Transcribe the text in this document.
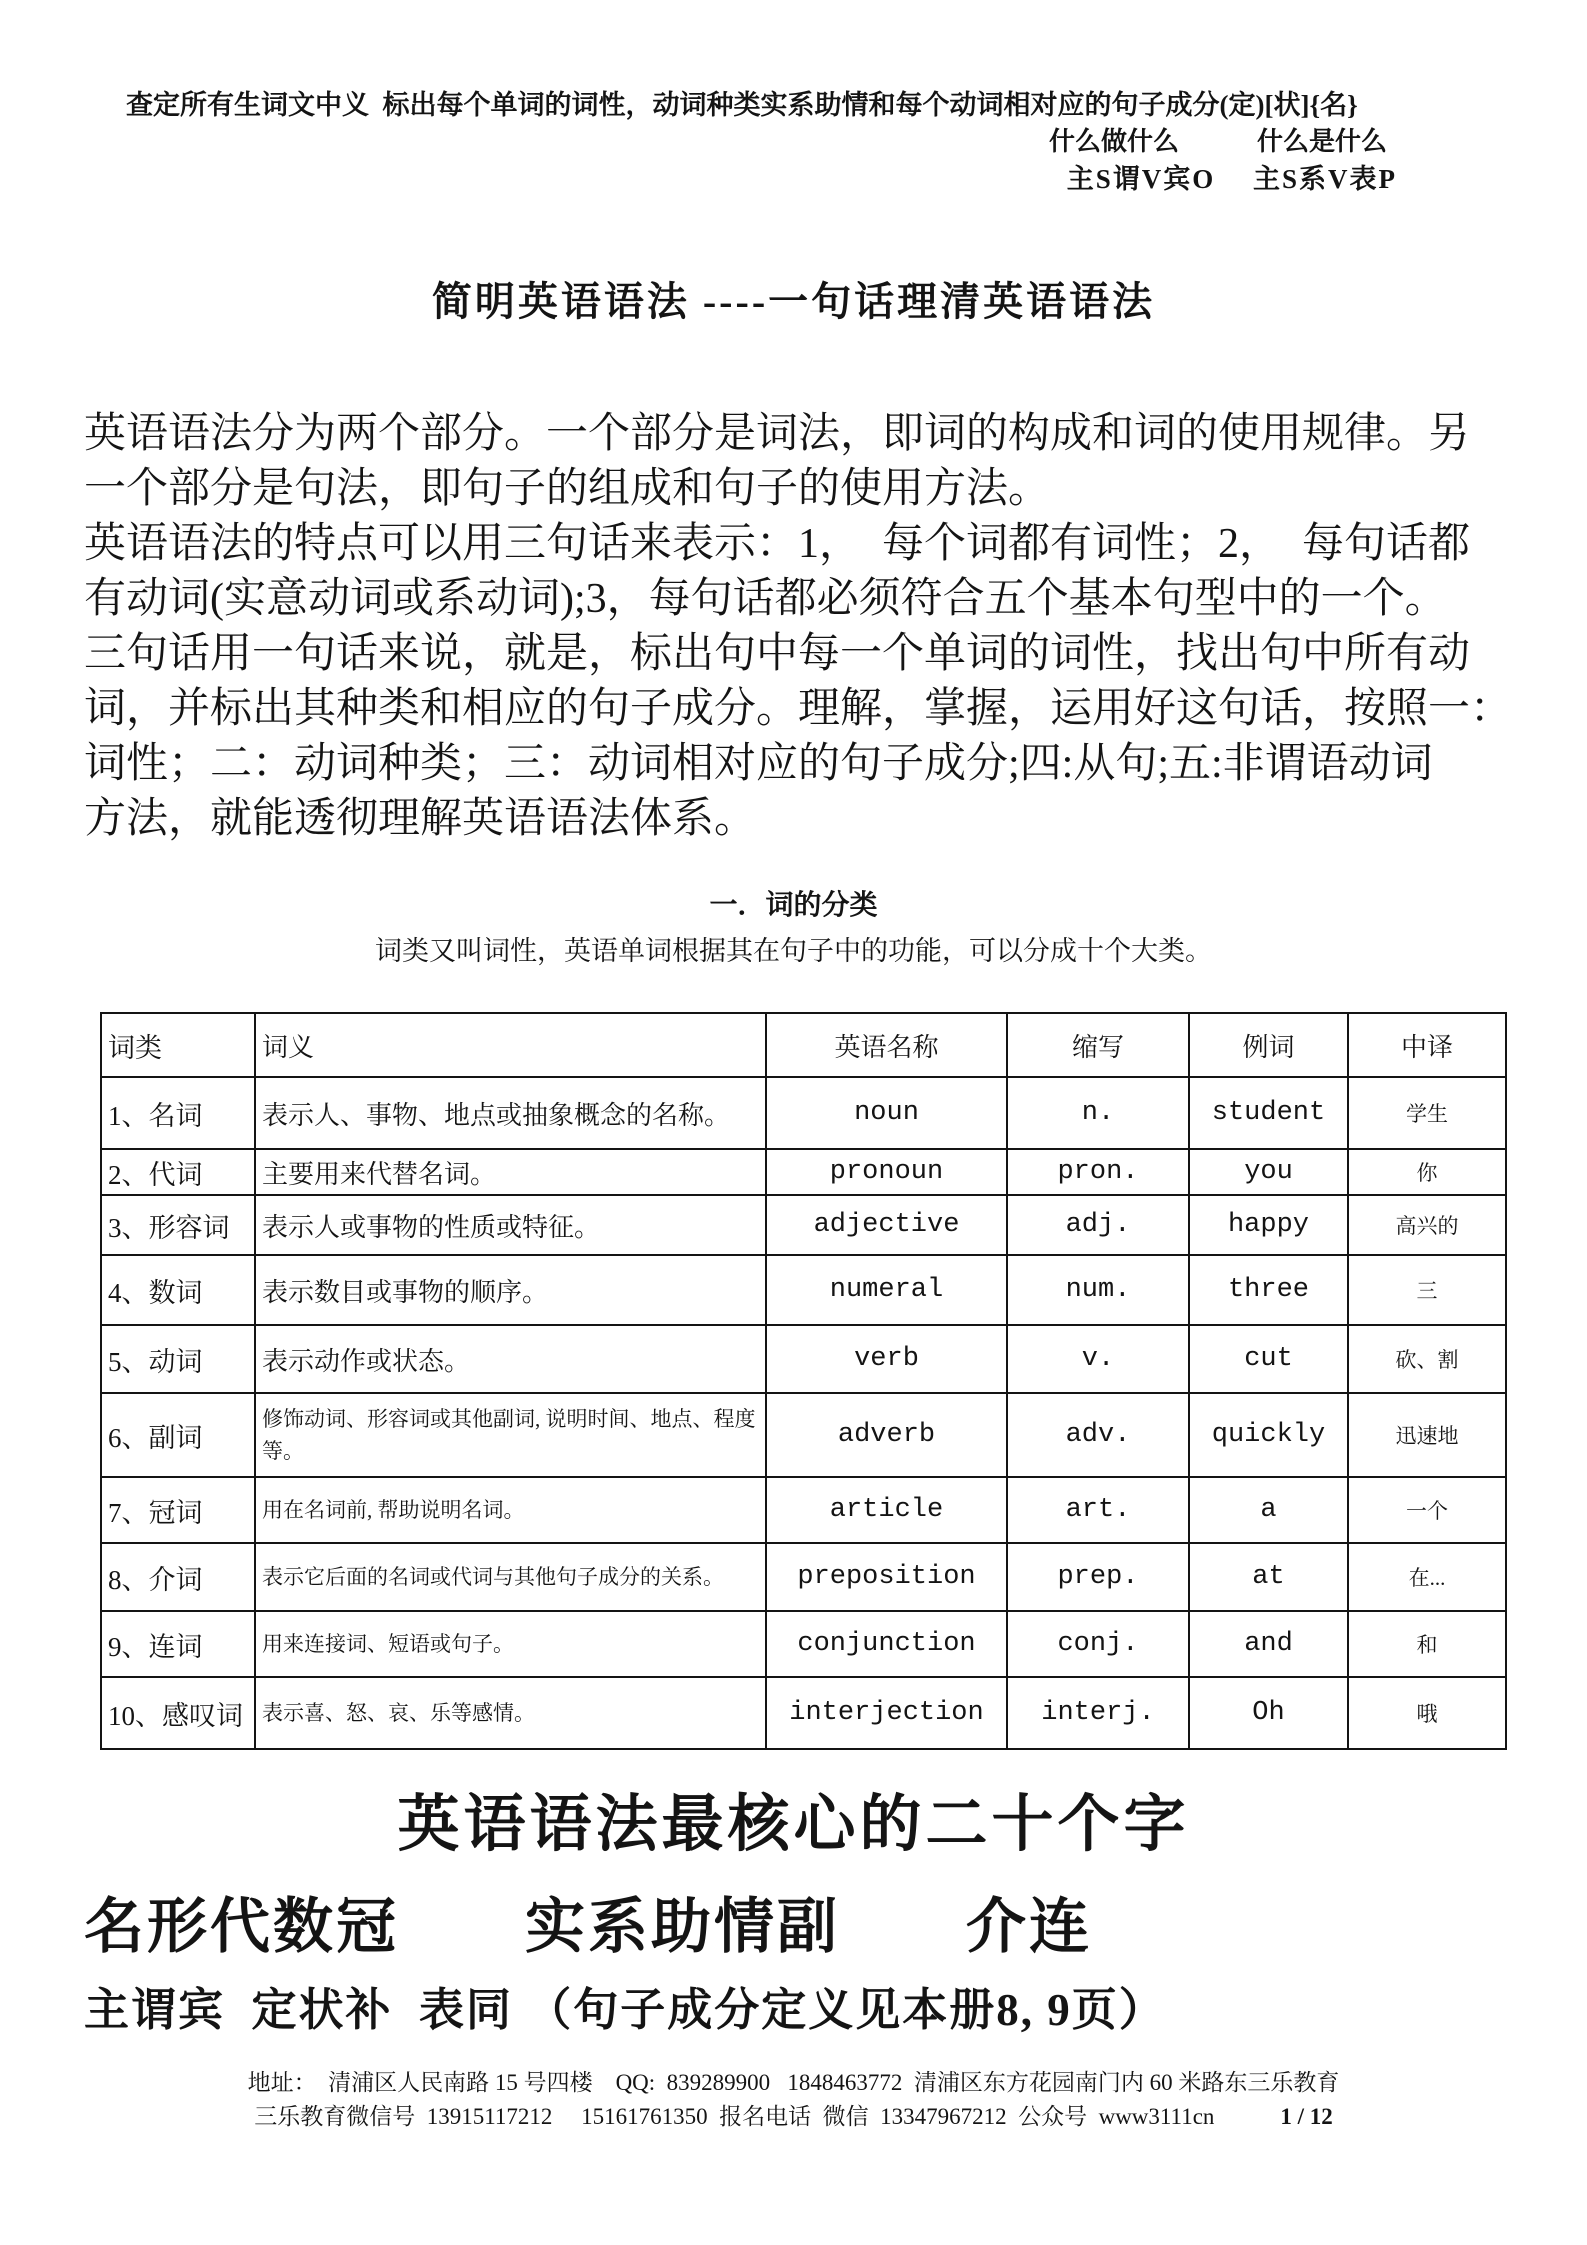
查定所有生词文中义  标出每个单词的词性，动词种类实系助情和每个动词相对应的句子成分(定)[状]{名}
什么做什么　　　什么是什么
主S谓V宾O　 主S系V表P
简明英语语法 ----一句话理清英语语法
英语语法分为两个部分。一个部分是词法，即词的构成和词的使用规律。另
一个部分是句法，即句子的组成和句子的使用方法。
英语语法的特点可以用三句话来表示：1，  每个词都有词性；2，  每句话都
有动词(实意动词或系动词);3，每句话都必须符合五个基本句型中的一个。
三句话用一句话来说，就是，标出句中每一个单词的词性，找出句中所有动
词，并标出其种类和相应的句子成分。理解，掌握，运用好这句话，按照一：
词性；二：动词种类；三：动词相对应的句子成分;四:从句;五:非谓语动词
方法，就能透彻理解英语语法体系。
一．词的分类
词类又叫词性，英语单词根据其在句子中的功能，可以分成十个大类。
词类	词义	英语名称	缩写	例词	中译
1、名词	表示人、事物、地点或抽象概念的名称。	noun	n.	student	学生
2、代词	主要用来代替名词。	pronoun	pron.	you	你
3、形容词	表示人或事物的性质或特征。	adjective	adj.	happy	高兴的
4、数词	表示数目或事物的顺序。	numeral	num.	three	三
5、动词	表示动作或状态。	verb	v.	cut	砍、割
6、副词	修饰动词、形容词或其他副词, 说明时间、地点、程度等。	adverb	adv.	quickly	迅速地
7、冠词	用在名词前, 帮助说明名词。	article	art.	a	一个
8、介词	表示它后面的名词或代词与其他句子成分的关系。	preposition	prep.	at	在...
9、连词	用来连接词、短语或句子。	conjunction	conj.	and	和
10、感叹词	表示喜、怒、哀、乐等感情。	interjection	interj.	Oh	哦
英语语法最核心的二十个字
名形代数冠　　实系助情副　　介连
主谓宾  定状补  表同 （句子成分定义见本册8, 9页）
地址：  清浦区人民南路 15 号四楼    QQ:  839289900   1848463772  清浦区东方花园南门内 60 米路东三乐教育
三乐教育微信号  13915117212     15161761350  报名电话  微信  13347967212  公众号  www3111cn	1 / 12
